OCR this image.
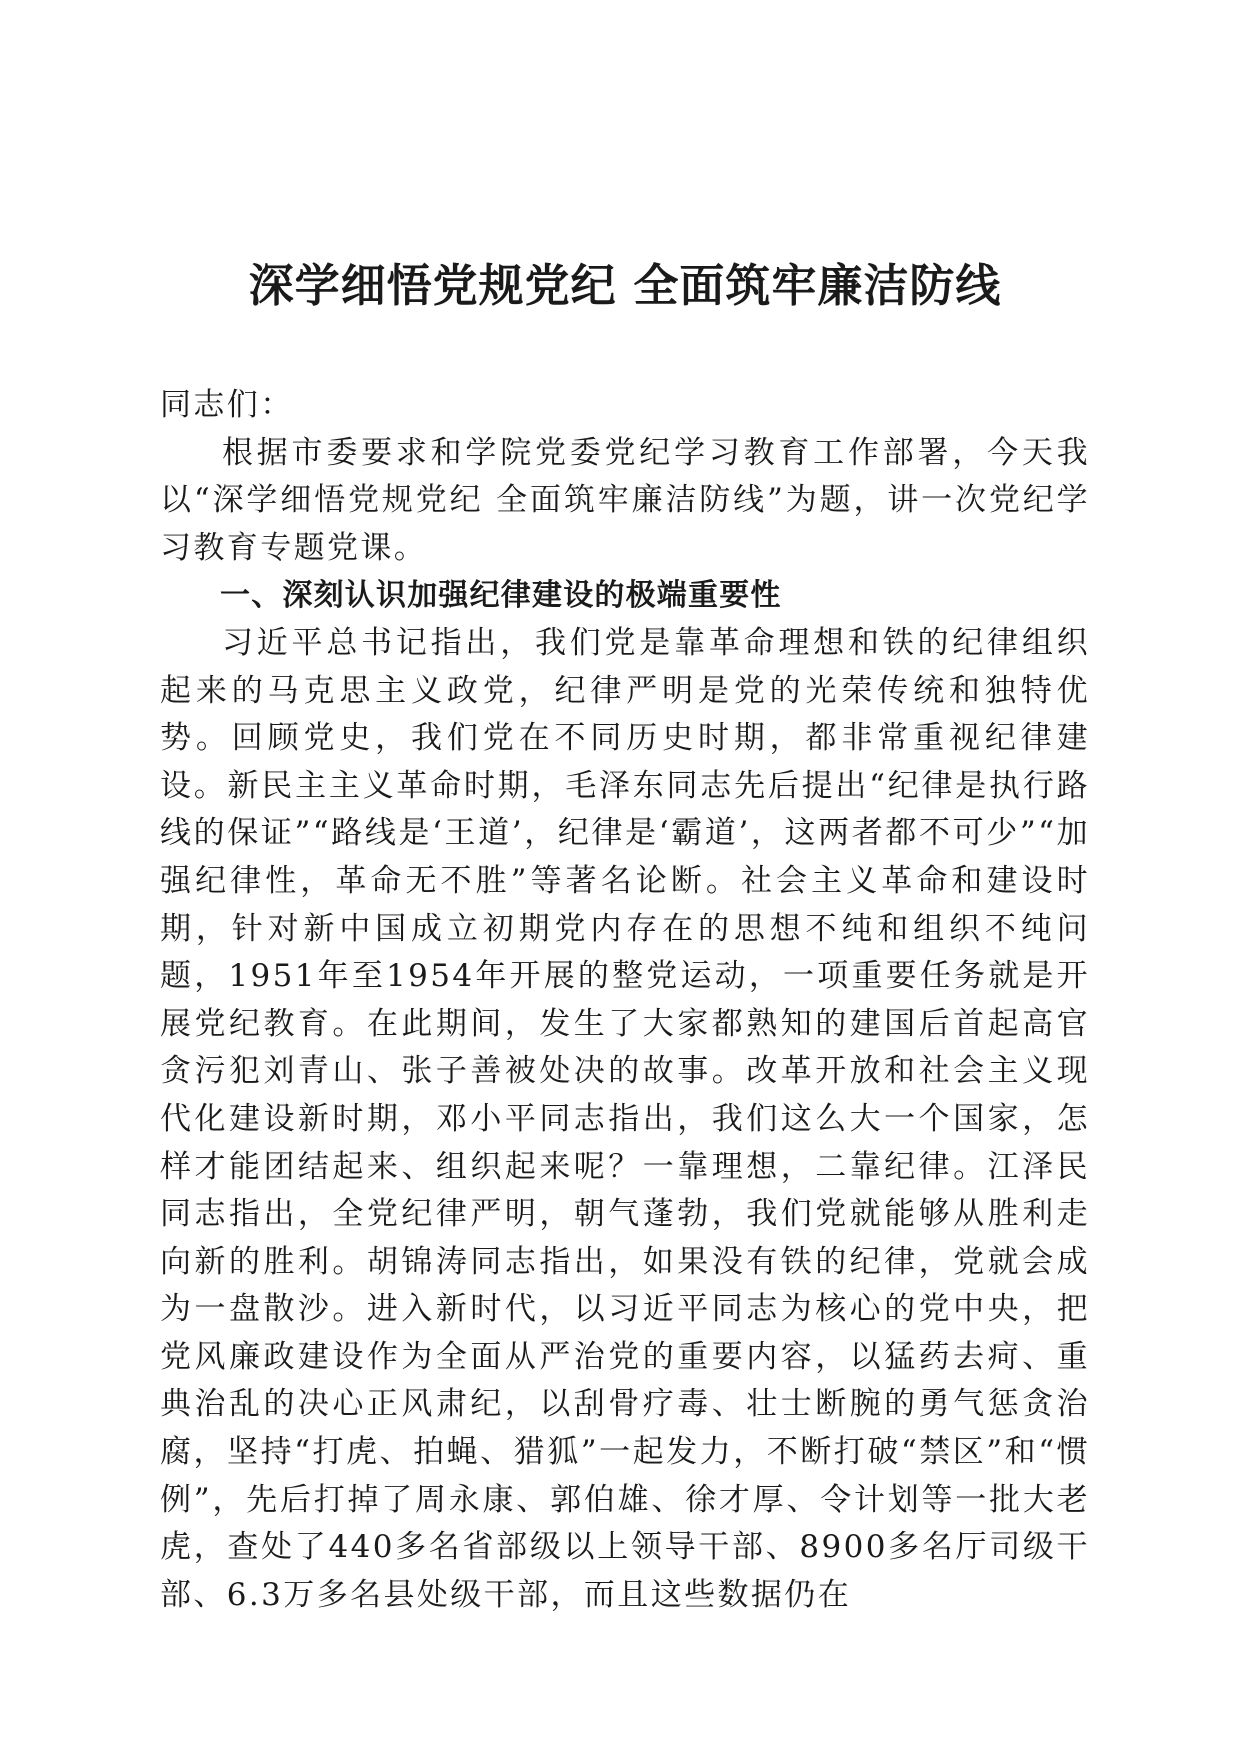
深学细悟党规党纪 全面筑牢廉洁防线

同志们：

根据市委要求和学院党委党纪学习教育工作部署，今天我以“深学细悟党规党纪 全面筑牢廉洁防线”为题，讲一次党纪学习教育专题党课。

一、深刻认识加强纪律建设的极端重要性

习近平总书记指出，我们党是靠革命理想和铁的纪律组织起来的马克思主义政党，纪律严明是党的光荣传统和独特优势。回顾党史，我们党在不同历史时期，都非常重视纪律建设。新民主主义革命时期，毛泽东同志先后提出“纪律是执行路线的保证”“路线是‘王道’，纪律是‘霸道’，这两者都不可少”“加强纪律性，革命无不胜”等著名论断。社会主义革命和建设时期，针对新中国成立初期党内存在的思想不纯和组织不纯问题，1951年至1954年开展的整党运动，一项重要任务就是开展党纪教育。在此期间，发生了大家都熟知的建国后首起高官贪污犯刘青山、张子善被处决的故事。改革开放和社会主义现代化建设新时期，邓小平同志指出，我们这么大一个国家，怎样才能团结起来、组织起来呢？一靠理想，二靠纪律。江泽民同志指出，全党纪律严明，朝气蓬勃，我们党就能够从胜利走向新的胜利。胡锦涛同志指出，如果没有铁的纪律，党就会成为一盘散沙。进入新时代，以习近平同志为核心的党中央，把党风廉政建设作为全面从严治党的重要内容，以猛药去疴、重典治乱的决心正风肃纪，以刮骨疗毒、壮士断腕的勇气惩贪治腐，坚持“打虎、拍蝇、猎狐”一起发力，不断打破“禁区”和“惯例”，先后打掉了周永康、郭伯雄、徐才厚、令计划等一批大老虎，查处了440多名省部级以上领导干部、8900多名厅司级干部、6.3万多名县处级干部，而且这些数据仍在
